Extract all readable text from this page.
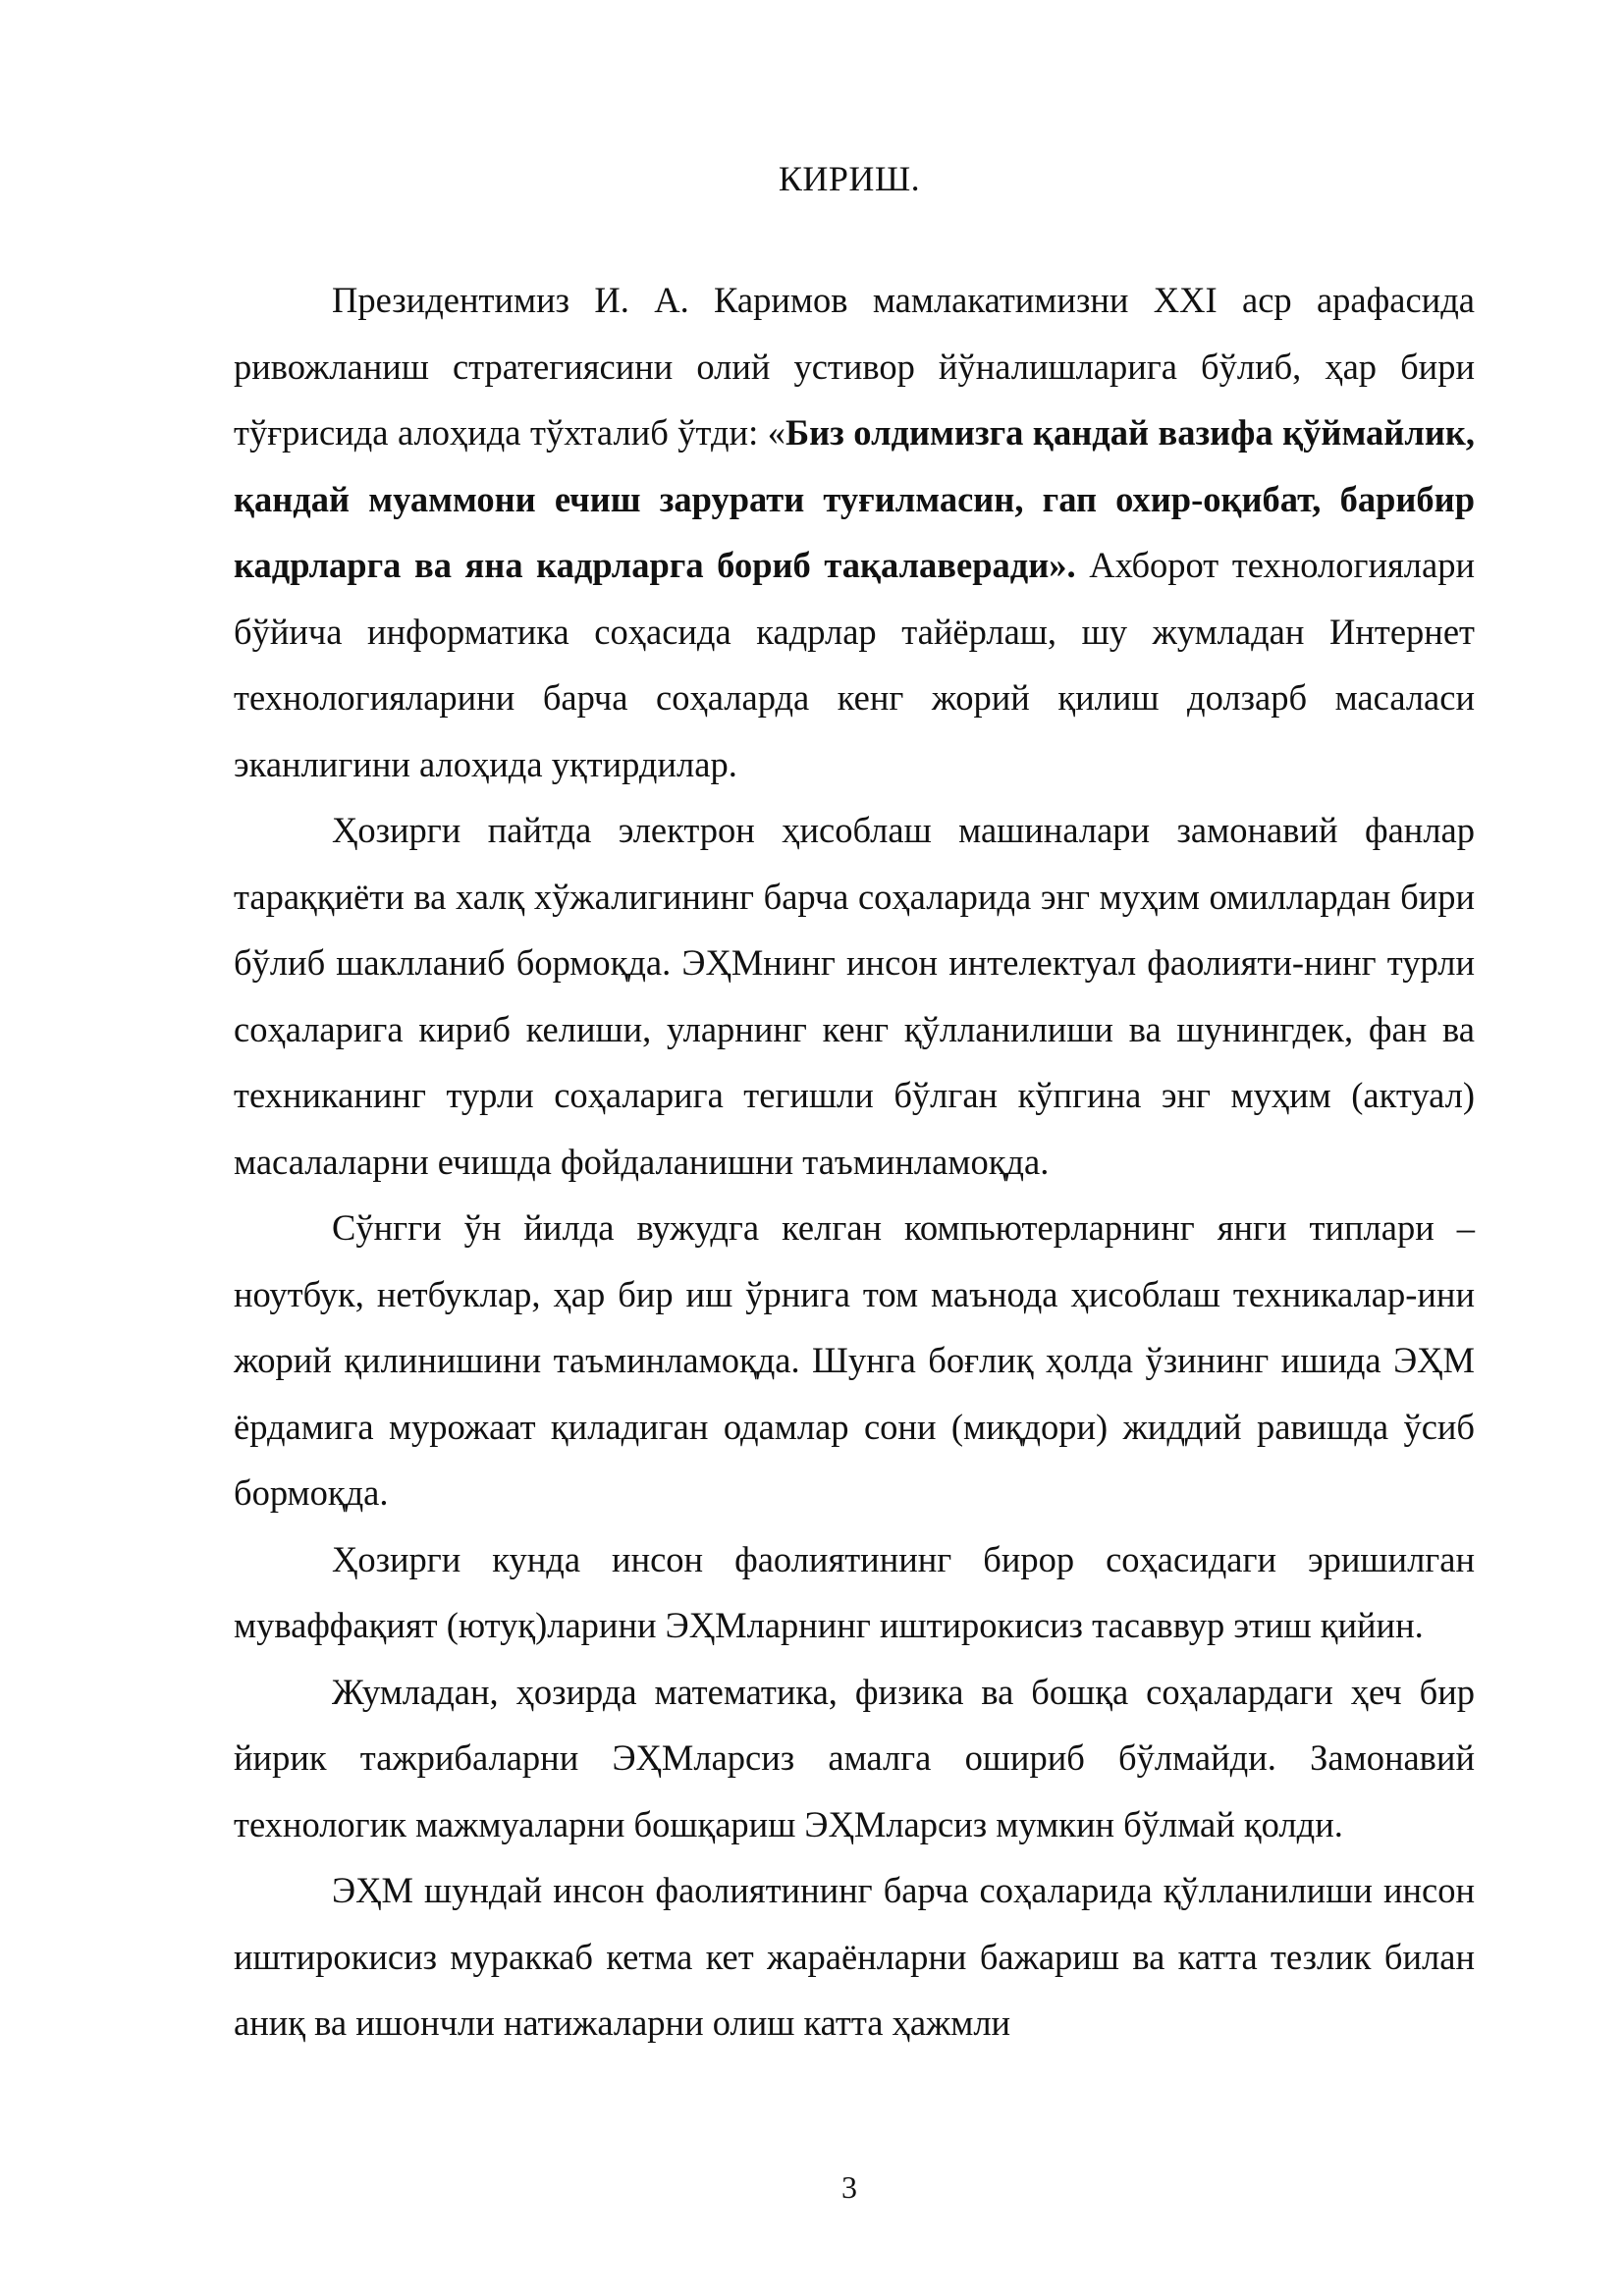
КИРИШ.

Президентимиз И. А. Каримов мамлакатимизни XXI аср арафасида ривожланиш стратегиясини олий устивор йўналишларига бўлиб, ҳар бири тўғрисида алоҳида тўхталиб ўтди: «Биз олдимизга қандай вазифа қўймайлик, қандай муаммони ечиш зарурати туғилмасин, гап охир-оқибат, барибир кадрларга ва яна кадрларга бориб тақалаверади». Ахборот технологиялари бўйича информатика соҳасида кадрлар тайёрлаш, шу жумладан Интернет технологияларини барча соҳаларда кенг жорий қилиш долзарб масаласи эканлигини алоҳида уқтирдилар.

Ҳозирги пайтда электрон ҳисоблаш машиналари замонавий фанлар тараққиёти ва халқ хўжалигининг барча соҳаларида энг муҳим омиллардан бири бўлиб шаклланиб бормоқда. ЭҲМнинг инсон интелектуал фаолияти-нинг турли соҳаларига кириб келиши, уларнинг кенг қўлланилиши ва шунингдек, фан ва техниканинг турли соҳаларига тегишли бўлган кўпгина энг муҳим (актуал) масалаларни ечишда фойдаланишни таъминламоқда.

Сўнгги ўн йилда вужудга келган компьютерларнинг янги типлари – ноутбук, нетбуклар, ҳар бир иш ўрнига том маънода ҳисоблаш техникалар-ини жорий қилинишини таъминламоқда. Шунга боғлиқ ҳолда ўзининг ишида ЭҲМ ёрдамига мурожаат қиладиган одамлар сони (миқдори) жиддий равишда ўсиб бормоқда.

Ҳозирги кунда инсон фаолиятининг бирор соҳасидаги эришилган муваффақият (ютуқ)ларини ЭҲМларнинг иштирокисиз тасаввур этиш қийин.

Жумладан, ҳозирда математика, физика ва бошқа соҳалардаги ҳеч бир йирик тажрибаларни ЭҲМларсиз амалга ошириб бўлмайди. Замонавий технологик мажмуаларни бошқариш ЭҲМларсиз мумкин бўлмай қолди.

ЭҲМ шундай инсон фаолиятининг барча соҳаларида қўлланилиши инсон иштирокисиз мураккаб кетма кет жараёнларни бажариш ва катта тезлик билан аниқ ва ишончли натижаларни олиш катта ҳажмли

3
